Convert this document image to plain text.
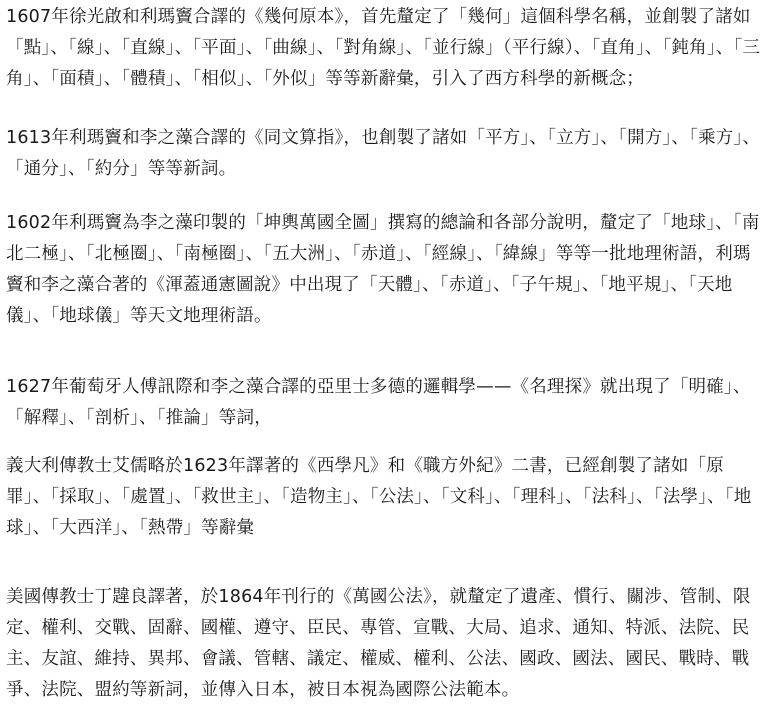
1607年徐光啟和利瑪竇合譯的《幾何原本》，首先釐定了「幾何」這個科學名稱，並創製了諸如「點」、「線」、「直線」、「平面」、「曲線」、「對角線」、「並行線」（平行線）、「直角」、「鈍角」、「三角」、「面積」、「體積」、「相似」、「外似」等等新辭彙，引入了西方科學的新概念；

1613年利瑪竇和李之藻合譯的《同文算指》，也創製了諸如「平方」、「立方」、「開方」、「乘方」、「通分」、「約分」等等新詞。

1602年利瑪竇為李之藻印製的「坤輿萬國全圖」撰寫的總論和各部分說明，釐定了「地球」、「南北二極」、「北極圈」、「南極圈」、「五大洲」、「赤道」、「經線」、「緯線」等等一批地理術語，利瑪竇和李之藻合著的《渾蓋通憲圖說》中出現了「天體」、「赤道」、「子午規」、「地平規」、「天地儀」、「地球儀」等天文地理術語。

1627年葡萄牙人傅訊際和李之藻合譯的亞里士多德的邏輯學——《名理探》就出現了「明確」、「解釋」、「剖析」、「推論」等詞，

義大利傳教士艾儒略於1623年譯著的《西學凡》和《職方外紀》二書，已經創製了諸如「原罪」、「採取」、「處置」、「救世主」、「造物主」、「公法」、「文科」、「理科」、「法科」、「法學」、「地球」、「大西洋」、「熱帶」等辭彙

美國傳教士丁韙良譯著，於1864年刊行的《萬國公法》，就釐定了遺產、慣行、關涉、管制、限定、權利、交戰、固辭、國權、遵守、臣民、專管、宣戰、大局、追求、通知、特派、法院、民主、友誼、維持、異邦、會議、管轄、議定、權威、權利、公法、國政、國法、國民、戰時、戰爭、法院、盟約等新詞，並傳入日本，被日本視為國際公法範本。
